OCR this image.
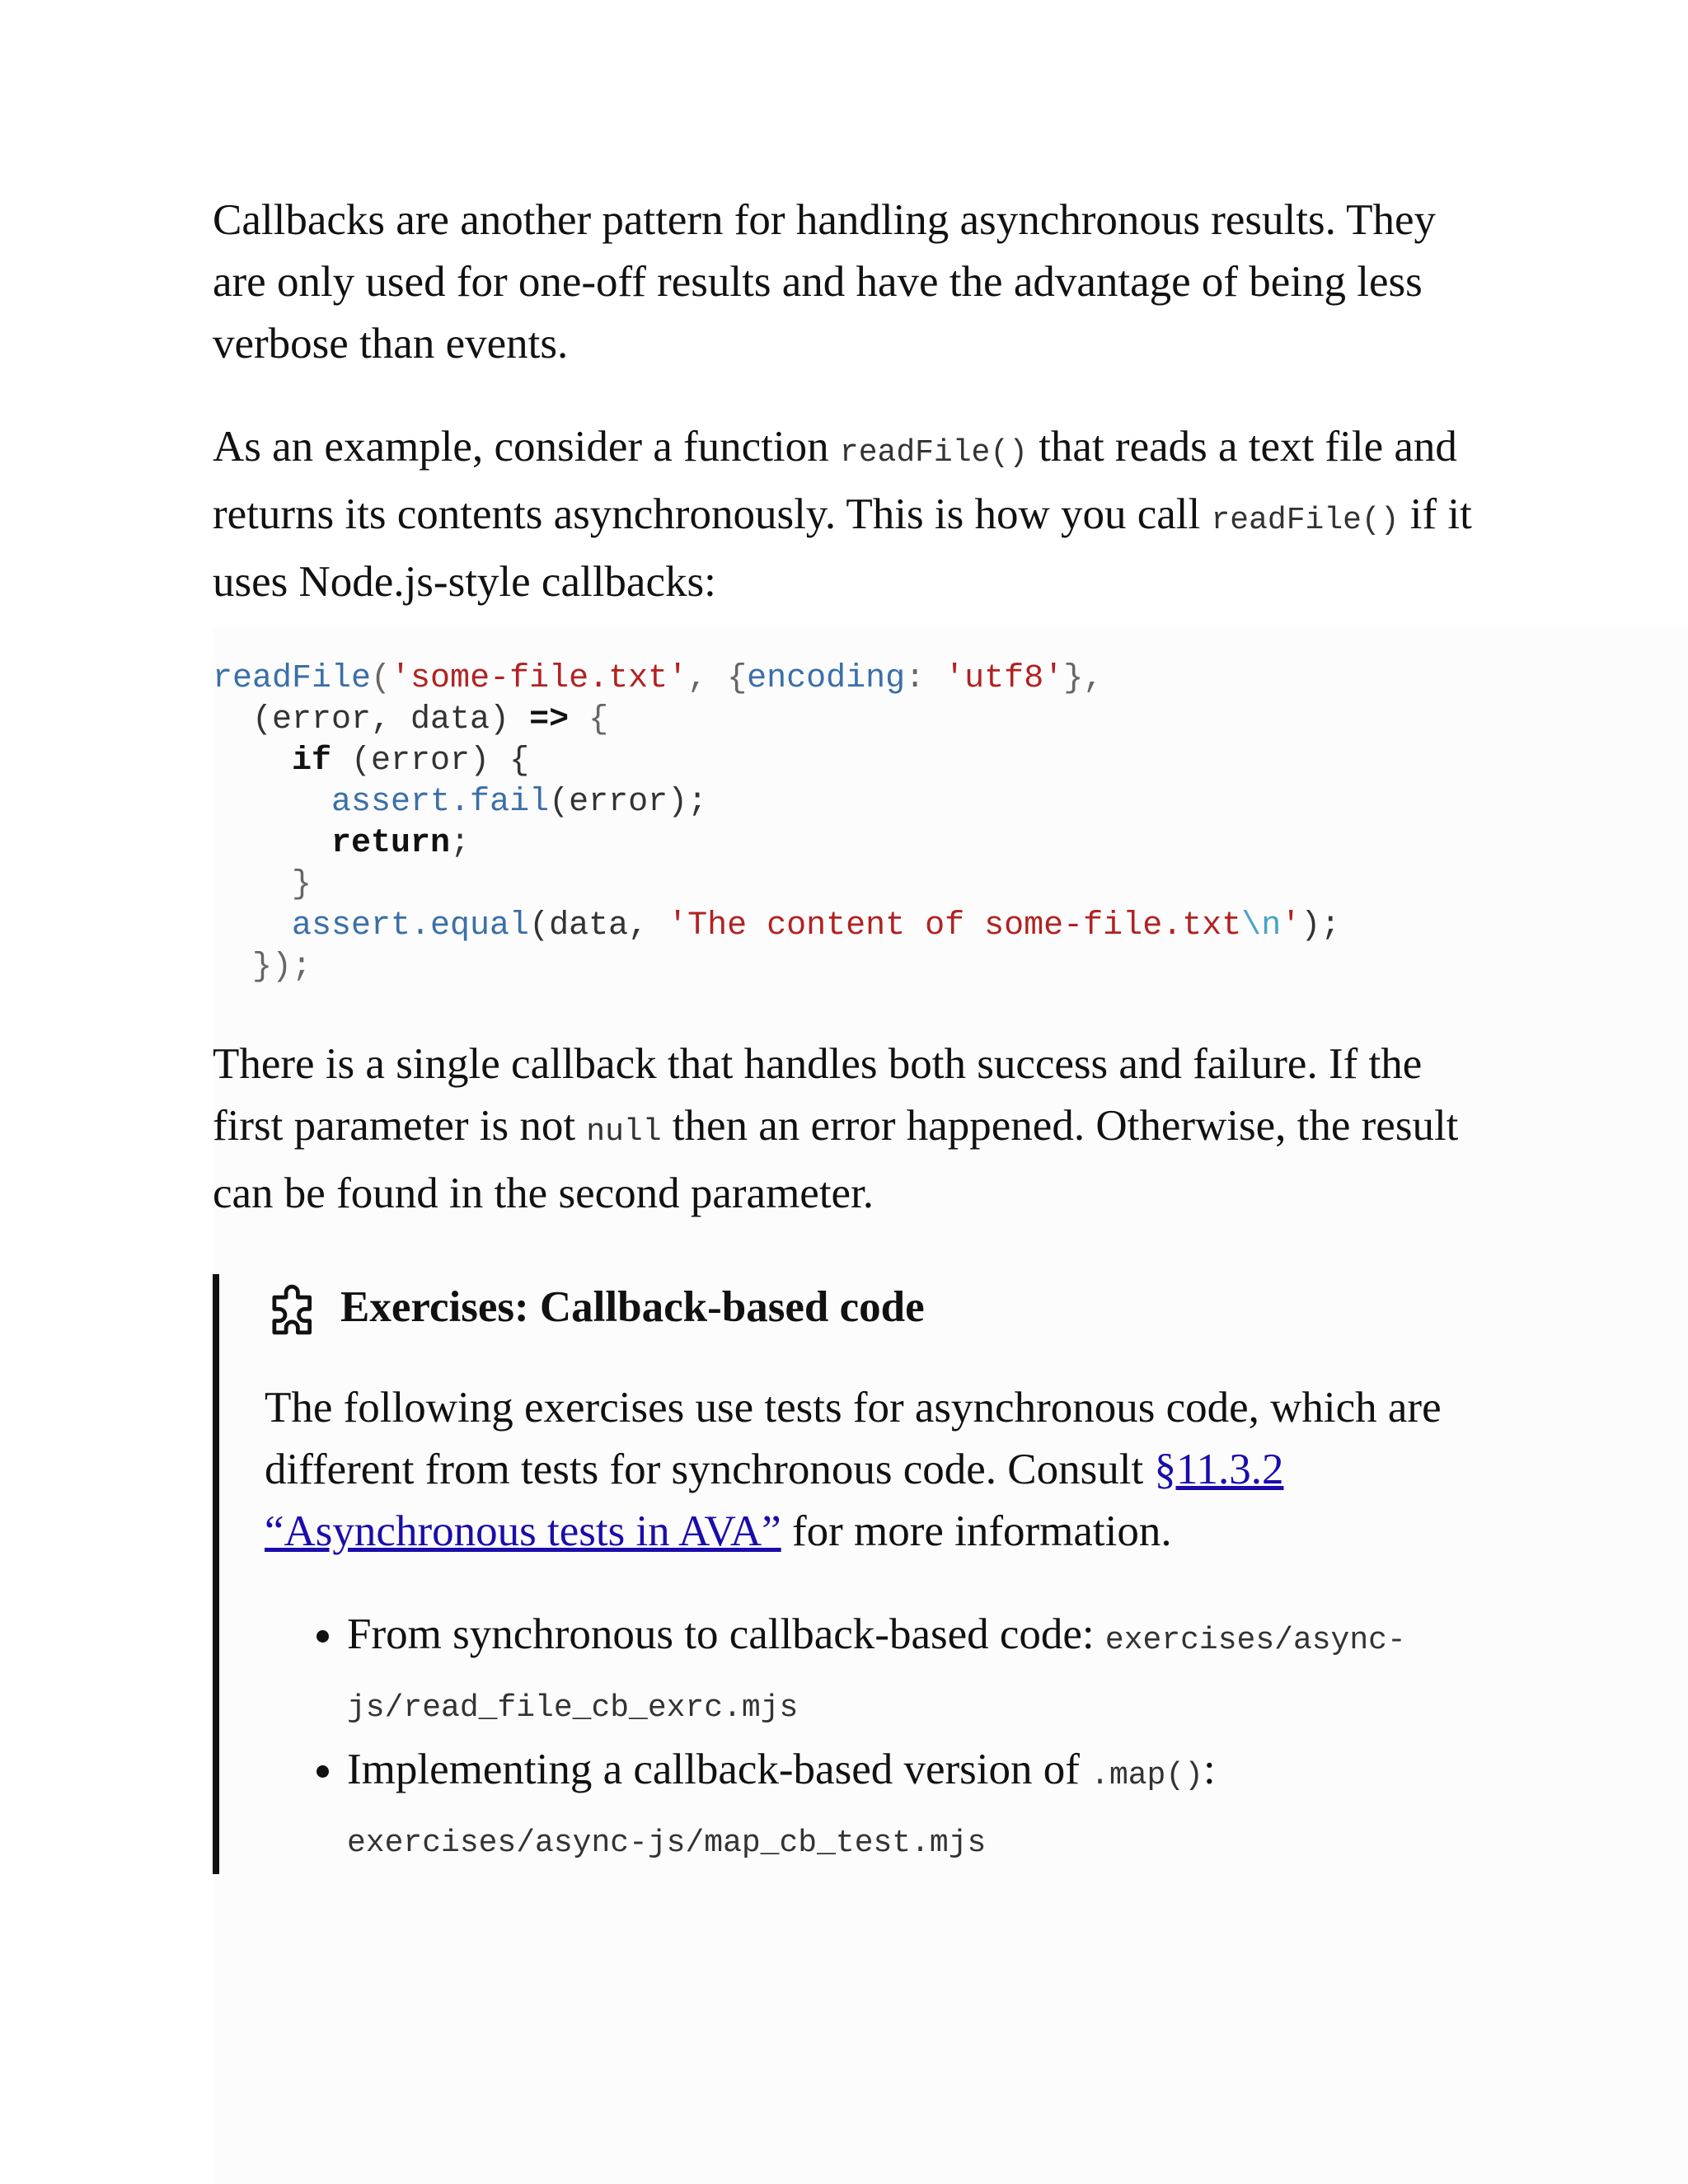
Callbacks are another pattern for handling asynchronous results. They are only used for one-off results and have the advantage of being less verbose than events.

As an example, consider a function readFile() that reads a text file and returns its contents asynchronously. This is how you call readFile() if it uses Node.js-style callbacks:

readFile('some-file.txt', {encoding: 'utf8'},
(error, data) => {
if (error) {
assert.fail(error);
return;
}
assert.equal(data, 'The content of some-file.txt\n');
});

There is a single callback that handles both success and failure. If the first parameter is not null then an error happened. Otherwise, the result can be found in the second parameter.

Exercises: Callback-based code

The following exercises use tests for asynchronous code, which are different from tests for synchronous code. Consult §11.3.2 “Asynchronous tests in AVA” for more information.

• From synchronous to callback-based code: exercises/async-js/read_file_cb_exrc.mjs
• Implementing a callback-based version of .map():
exercises/async-js/map_cb_test.mjs
